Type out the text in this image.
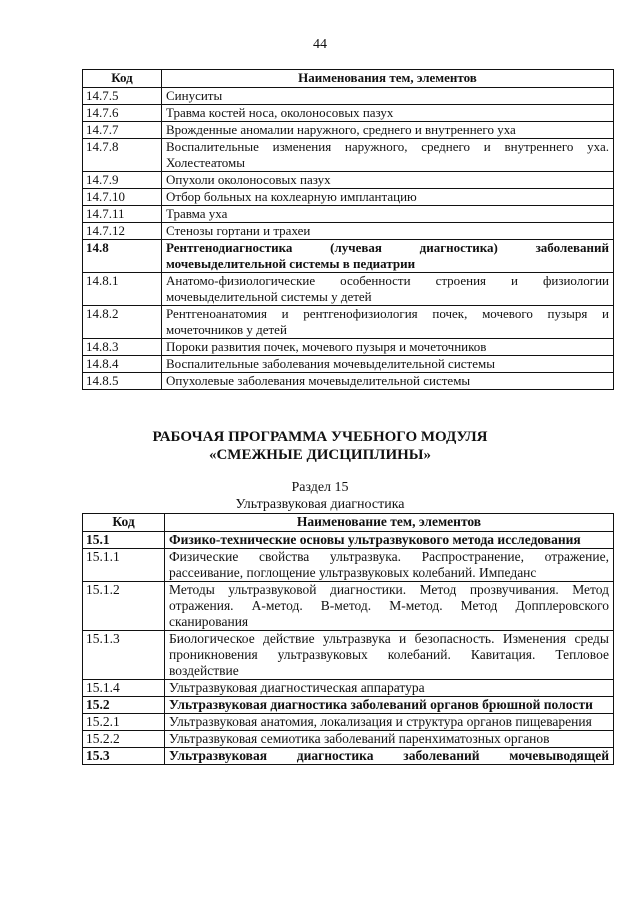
44
Код	Наименования тем, элементов
14.7.5	Синуситы
14.7.6	Травма костей носа, околоносовых пазух
14.7.7	Врожденные аномалии наружного, среднего и внутреннего уха
14.7.8	Воспалительные изменения наружного, среднего и внутреннего уха. Холестеатомы
14.7.9	Опухоли околоносовых пазух
14.7.10	Отбор больных на кохлеарную имплантацию
14.7.11	Травма уха
14.7.12	Стенозы гортани и трахеи
14.8	Рентгенодиагностика (лучевая диагностика) заболеваний мочевыделительной системы в педиатрии
14.8.1	Анатомо-физиологические особенности строения и физиологии мочевыделительной системы у детей
14.8.2	Рентгеноанатомия и рентгенофизиология почек, мочевого пузыря и мочеточников у детей
14.8.3	Пороки развития почек, мочевого пузыря и мочеточников
14.8.4	Воспалительные заболевания мочевыделительной системы
14.8.5	Опухолевые заболевания мочевыделительной системы
РАБОЧАЯ ПРОГРАММА УЧЕБНОГО МОДУЛЯ
«СМЕЖНЫЕ ДИСЦИПЛИНЫ»
Раздел 15
Ультразвуковая диагностика
Код	Наименование тем, элементов
15.1	Физико-технические основы ультразвукового метода исследования
15.1.1	Физические свойства ультразвука. Распространение, отражение, рассеивание, поглощение ультразвуковых колебаний. Импеданс
15.1.2	Методы ультразвуковой диагностики. Метод прозвучивания. Метод отражения. А-метод. В-метод. М-метод. Метод Допплеровского сканирования
15.1.3	Биологическое действие ультразвука и безопасность. Изменения среды проникновения ультразвуковых колебаний. Кавитация. Тепловое воздействие
15.1.4	Ультразвуковая диагностическая аппаратура
15.2	Ультразвуковая диагностика заболеваний органов брюшной полости
15.2.1	Ультразвуковая анатомия, локализация и структура органов пищеварения
15.2.2	Ультразвуковая семиотика заболеваний паренхиматозных органов
15.3	Ультразвуковая диагностика заболеваний мочевыводящей
